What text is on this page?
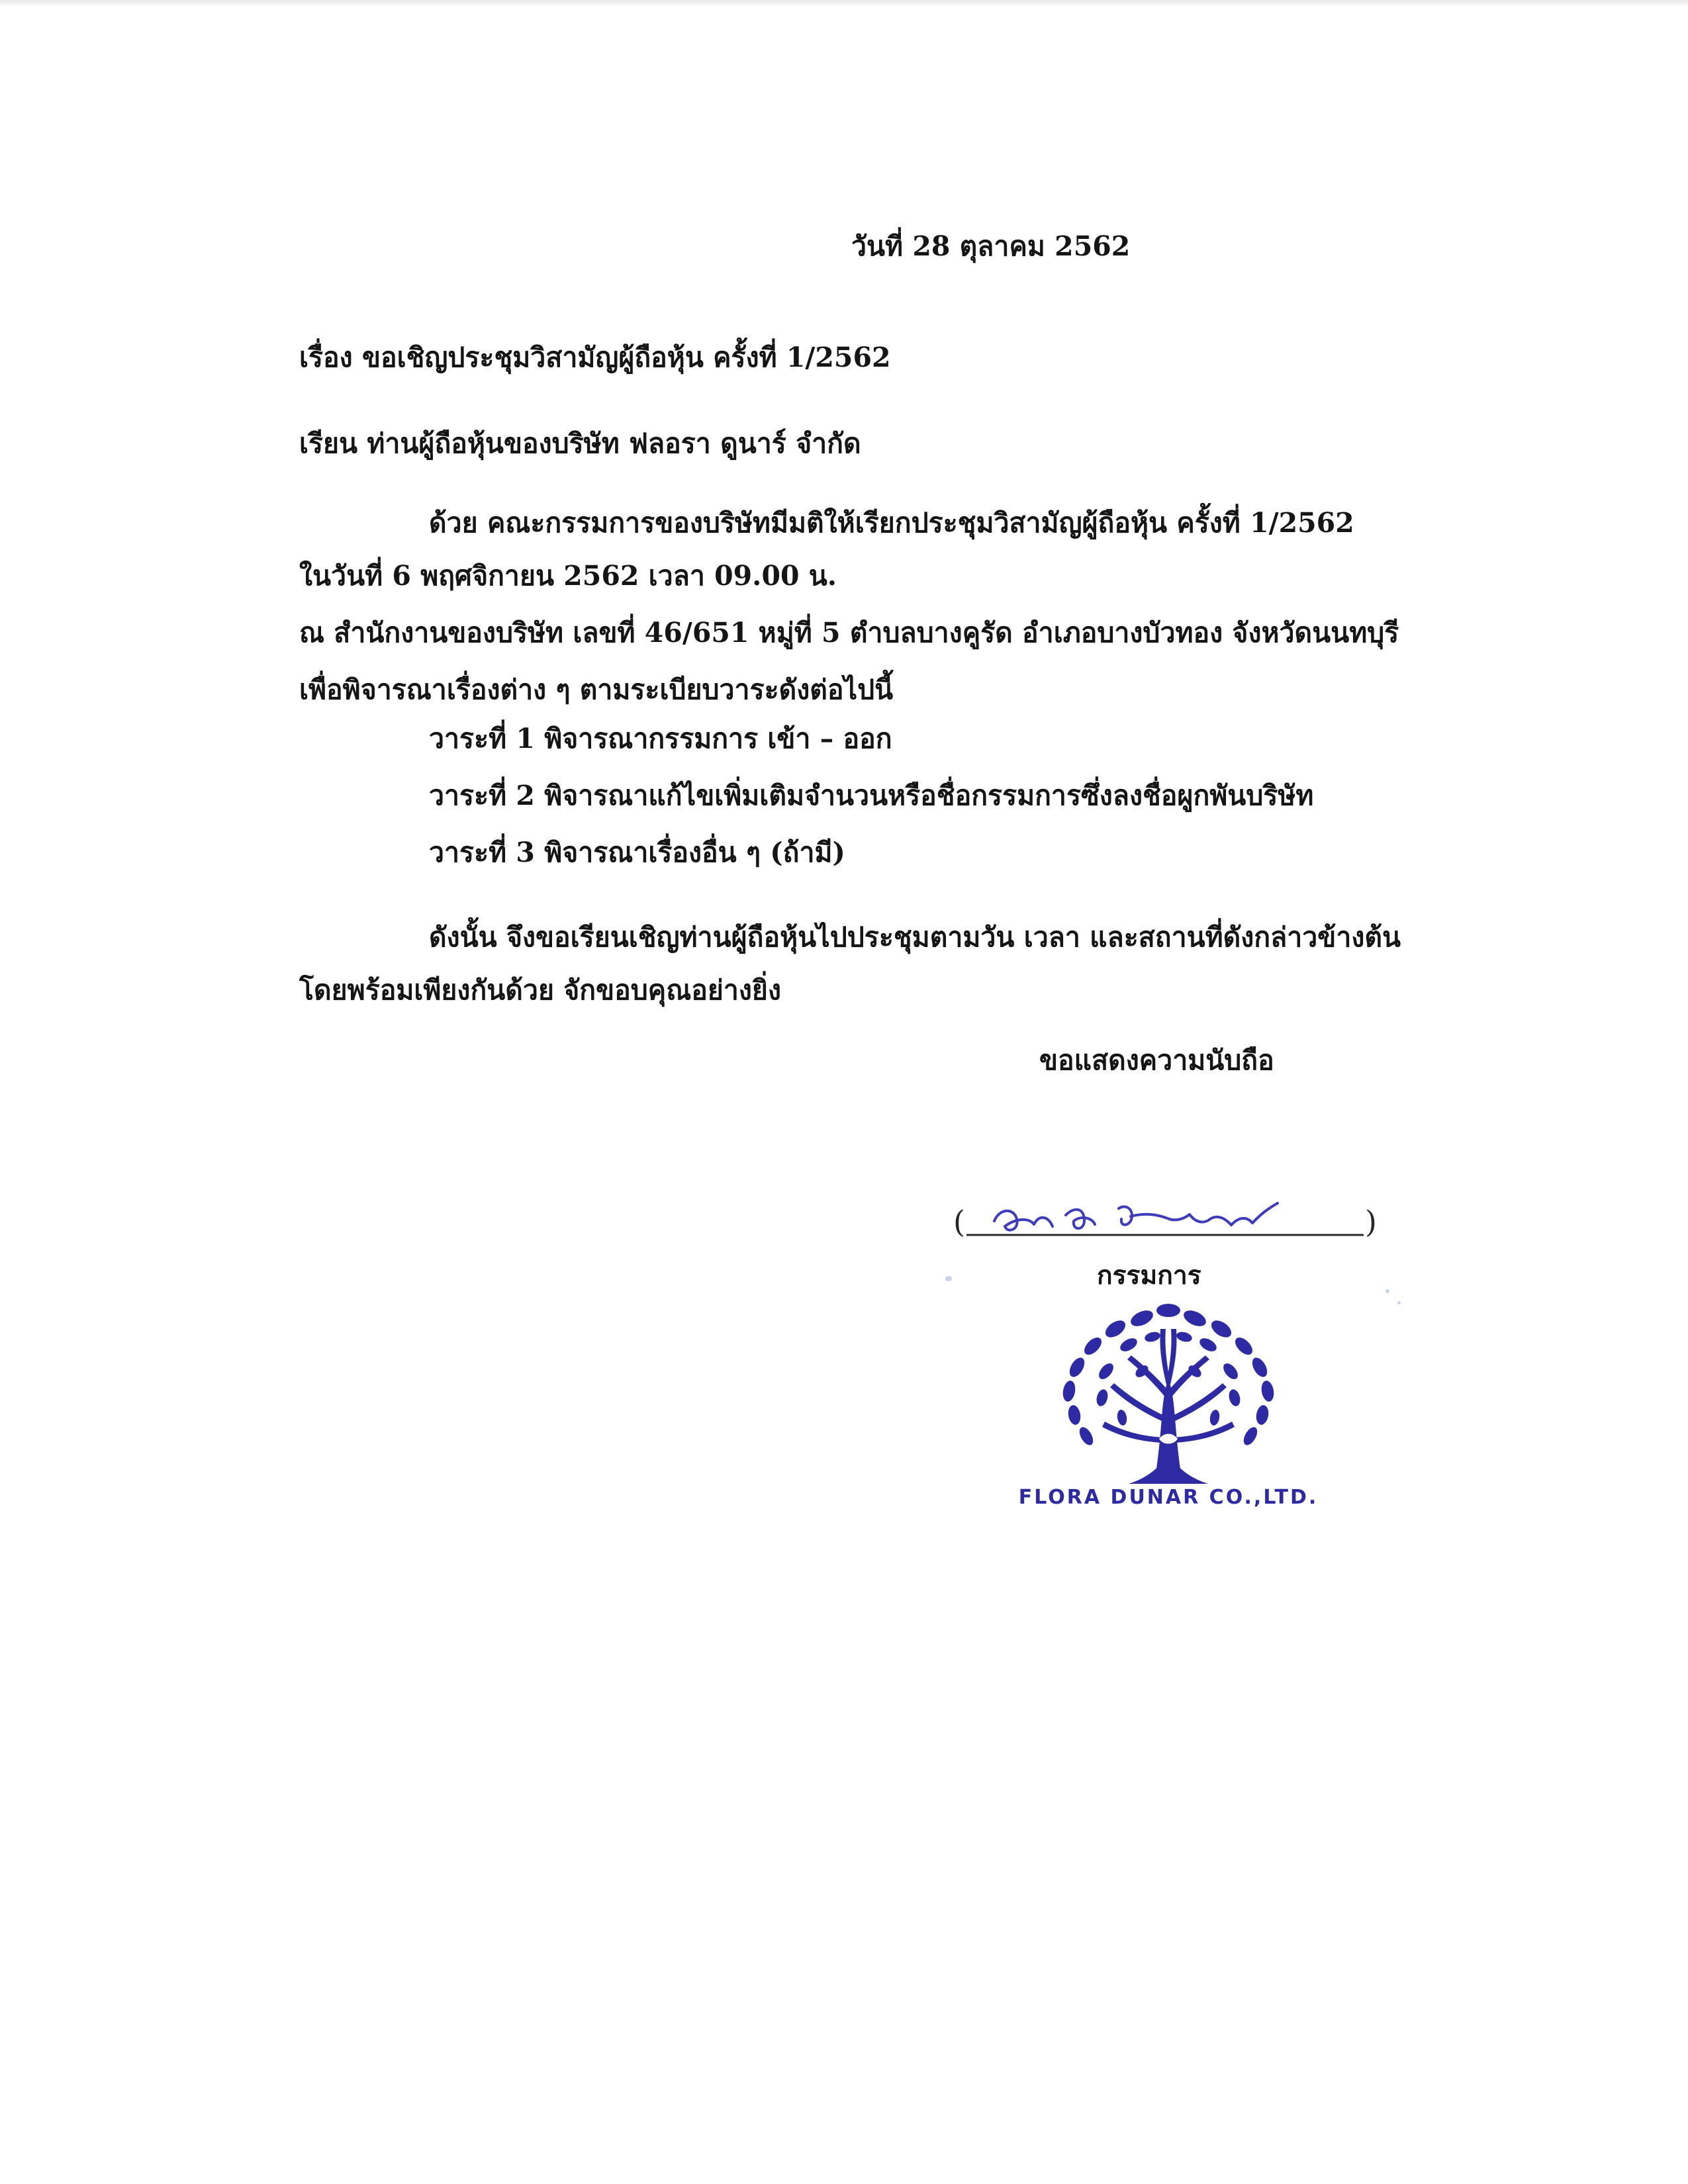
วันที่ 28 ตุลาคม 2562
เรื่อง ขอเชิญประชุมวิสามัญผู้ถือหุ้น ครั้งที่ 1/2562
เรียน ท่านผู้ถือหุ้นของบริษัท ฟลอรา ดูนาร์ จำกัด
ด้วย คณะกรรมการของบริษัทมีมติให้เรียกประชุมวิสามัญผู้ถือหุ้น ครั้งที่ 1/2562
ในวันที่ 6 พฤศจิกายน 2562 เวลา 09.00 น.
ณ สำนักงานของบริษัท เลขที่ 46/651 หมู่ที่ 5 ตำบลบางคูรัด อำเภอบางบัวทอง จังหวัดนนทบุรี
เพื่อพิจารณาเรื่องต่าง ๆ ตามระเบียบวาระดังต่อไปนี้
วาระที่ 1 พิจารณากรรมการ เข้า – ออก
วาระที่ 2 พิจารณาแก้ไขเพิ่มเติมจำนวนหรือชื่อกรรมการซึ่งลงชื่อผูกพันบริษัท
วาระที่ 3 พิจารณาเรื่องอื่น ๆ (ถ้ามี)
ดังนั้น จึงขอเรียนเชิญท่านผู้ถือหุ้นไปประชุมตามวัน เวลา และสถานที่ดังกล่าวข้างต้น
โดยพร้อมเพียงกันด้วย จักขอบคุณอย่างยิ่ง
ขอแสดงความนับถือ
(	)
กรรมการ
FLORA DUNAR CO.,LTD.
